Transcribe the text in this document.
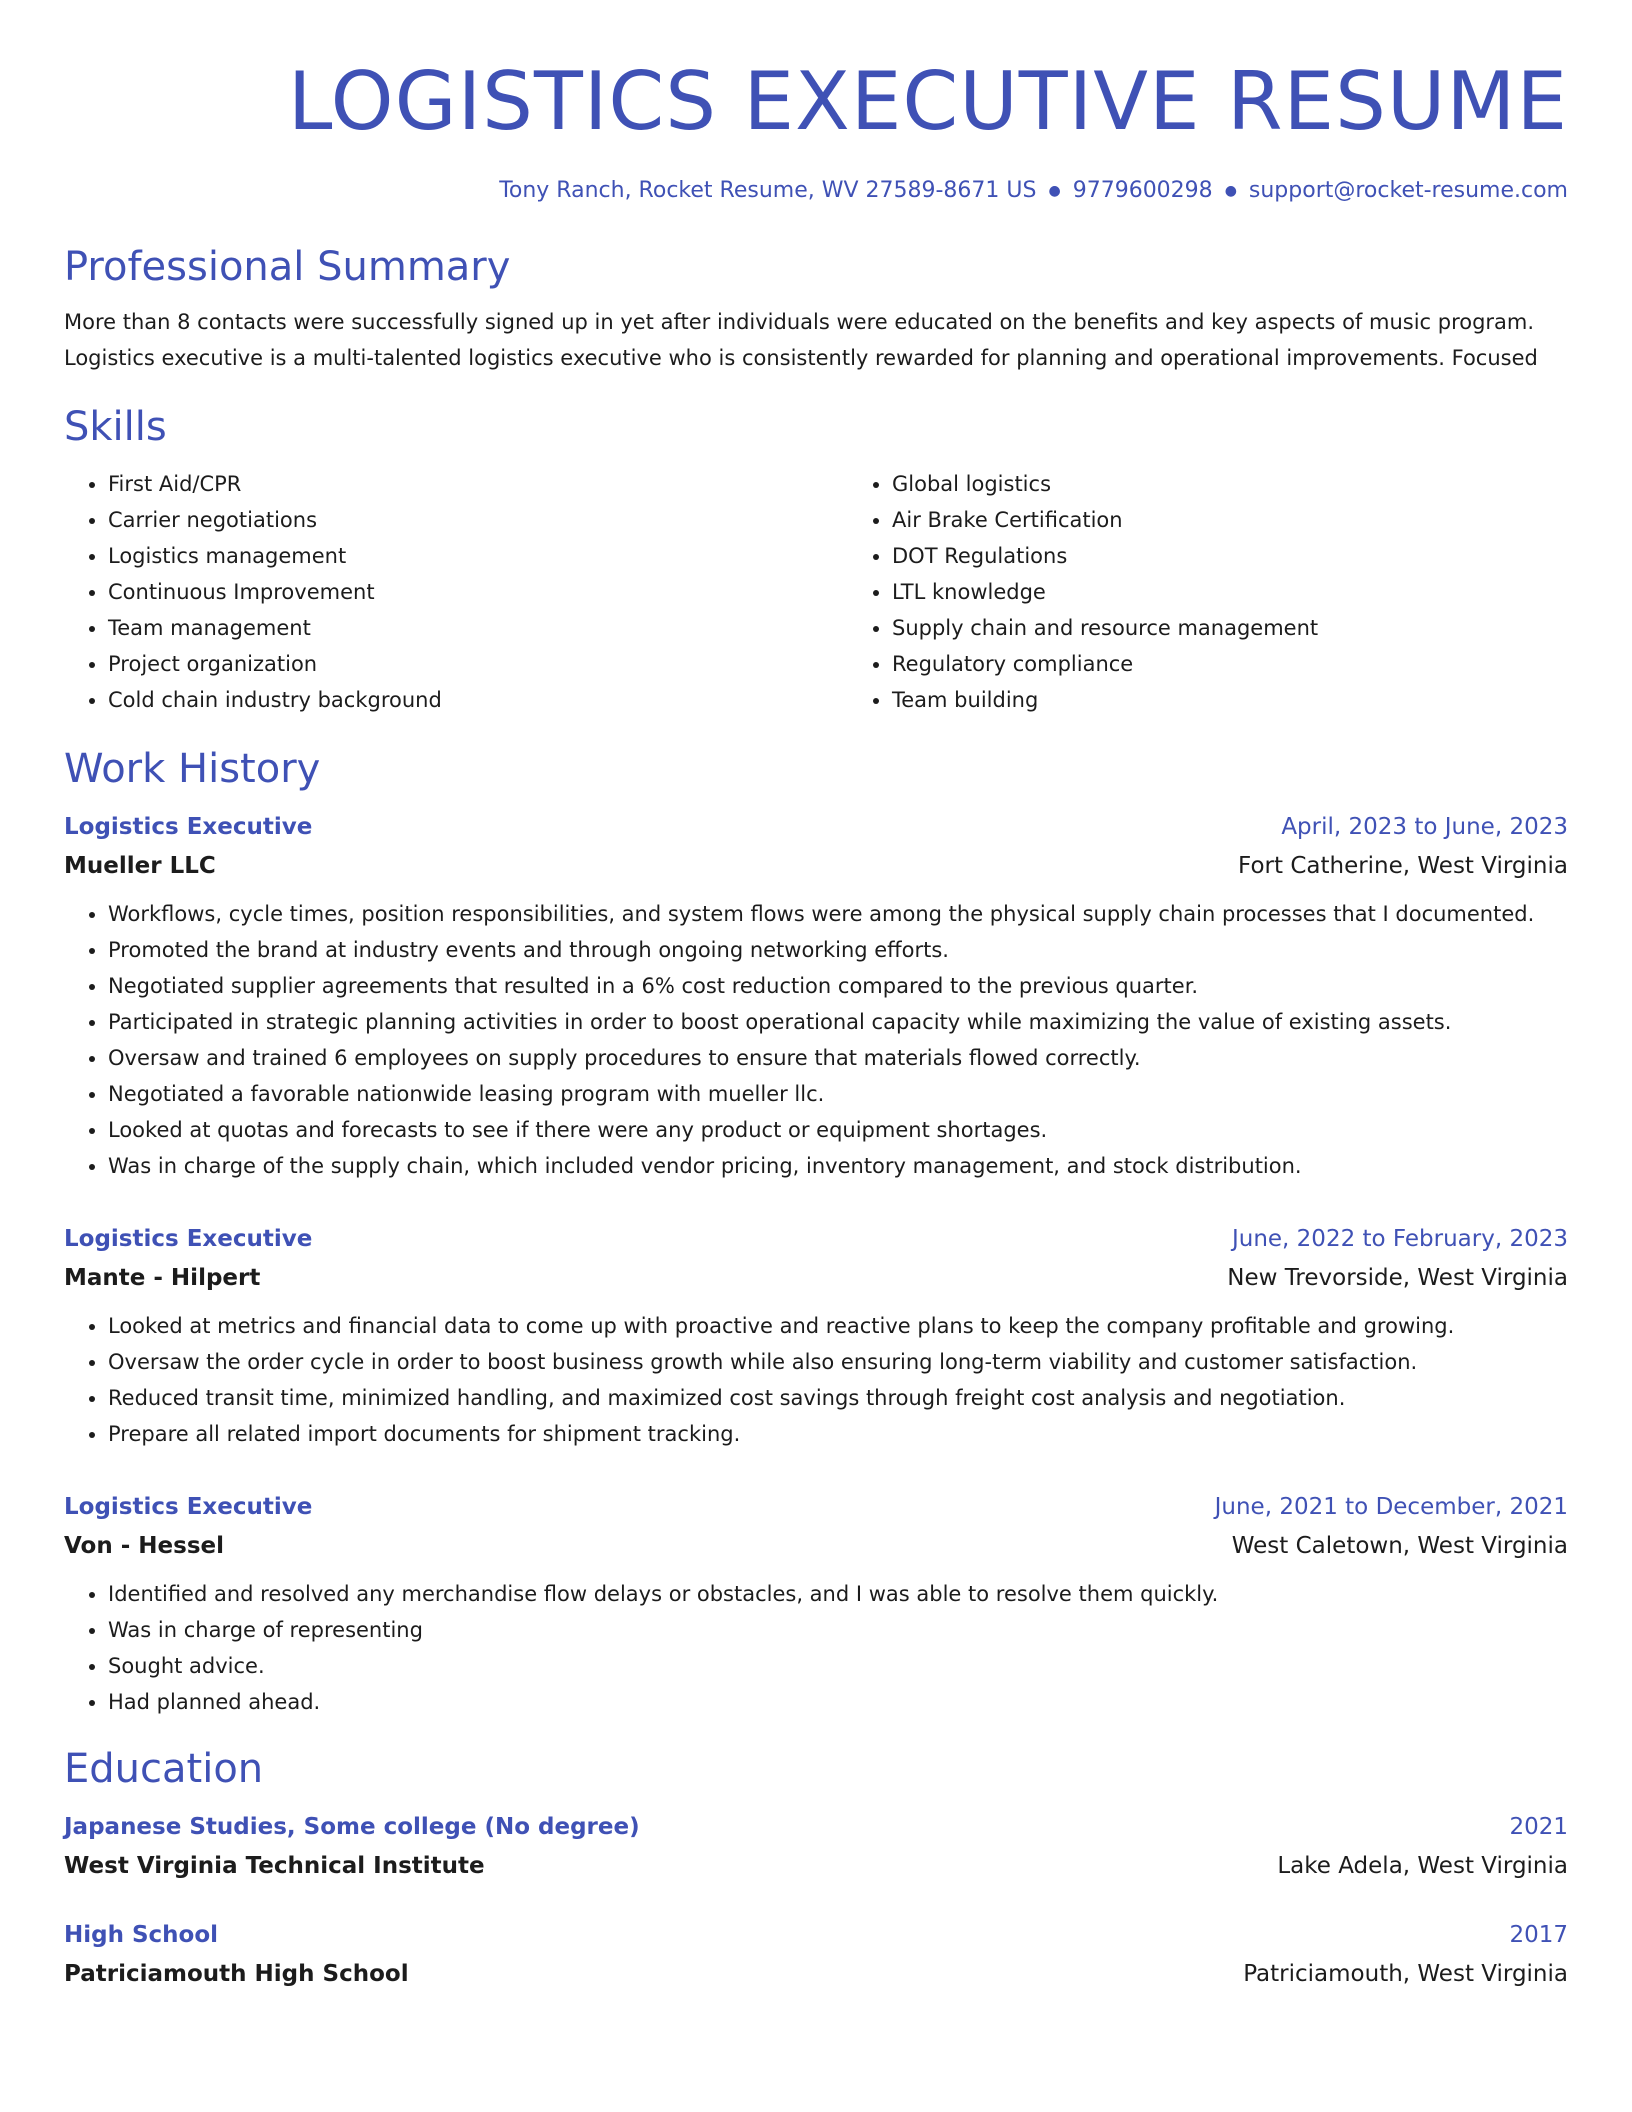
LOGISTICS EXECUTIVE RESUME
Tony Ranch, Rocket Resume, WV 27589-8671 US ● 9779600298 ● support@rocket-resume.com
Professional Summary

More than 8 contacts were successfully signed up in yet after individuals were educated on the benefits and key aspects of music program.

Logistics executive is a multi-talented logistics executive who is consistently rewarded for planning and operational improvements. Focused

Skills
• First Aid/CPR
• Carrier negotiations
• Logistics management
• Continuous Improvement
• Team management
• Project organization
• Cold chain industry background
• Global logistics
• Air Brake Certification
• DOT Regulations
• LTL knowledge
• Supply chain and resource management
• Regulatory compliance
• Team building
Work History
Logistics Executive	April, 2023 to June, 2023
Mueller LLC	Fort Catherine, West Virginia
• Workflows, cycle times, position responsibilities, and system flows were among the physical supply chain processes that I documented.
• Promoted the brand at industry events and through ongoing networking efforts.
• Negotiated supplier agreements that resulted in a 6% cost reduction compared to the previous quarter.
• Participated in strategic planning activities in order to boost operational capacity while maximizing the value of existing assets.
• Oversaw and trained 6 employees on supply procedures to ensure that materials flowed correctly.
• Negotiated a favorable nationwide leasing program with mueller llc.
• Looked at quotas and forecasts to see if there were any product or equipment shortages.
• Was in charge of the supply chain, which included vendor pricing, inventory management, and stock distribution.
Logistics Executive	June, 2022 to February, 2023
Mante - Hilpert	New Trevorside, West Virginia
• Looked at metrics and financial data to come up with proactive and reactive plans to keep the company profitable and growing.
• Oversaw the order cycle in order to boost business growth while also ensuring long-term viability and customer satisfaction.
• Reduced transit time, minimized handling, and maximized cost savings through freight cost analysis and negotiation.
• Prepare all related import documents for shipment tracking.
Logistics Executive	June, 2021 to December, 2021
Von - Hessel	West Caletown, West Virginia
• Identified and resolved any merchandise flow delays or obstacles, and I was able to resolve them quickly.
• Was in charge of representing
• Sought advice.
• Had planned ahead.
Education
Japanese Studies, Some college (No degree)	2021
West Virginia Technical Institute	Lake Adela, West Virginia
High School	2017
Patriciamouth High School	Patriciamouth, West Virginia
